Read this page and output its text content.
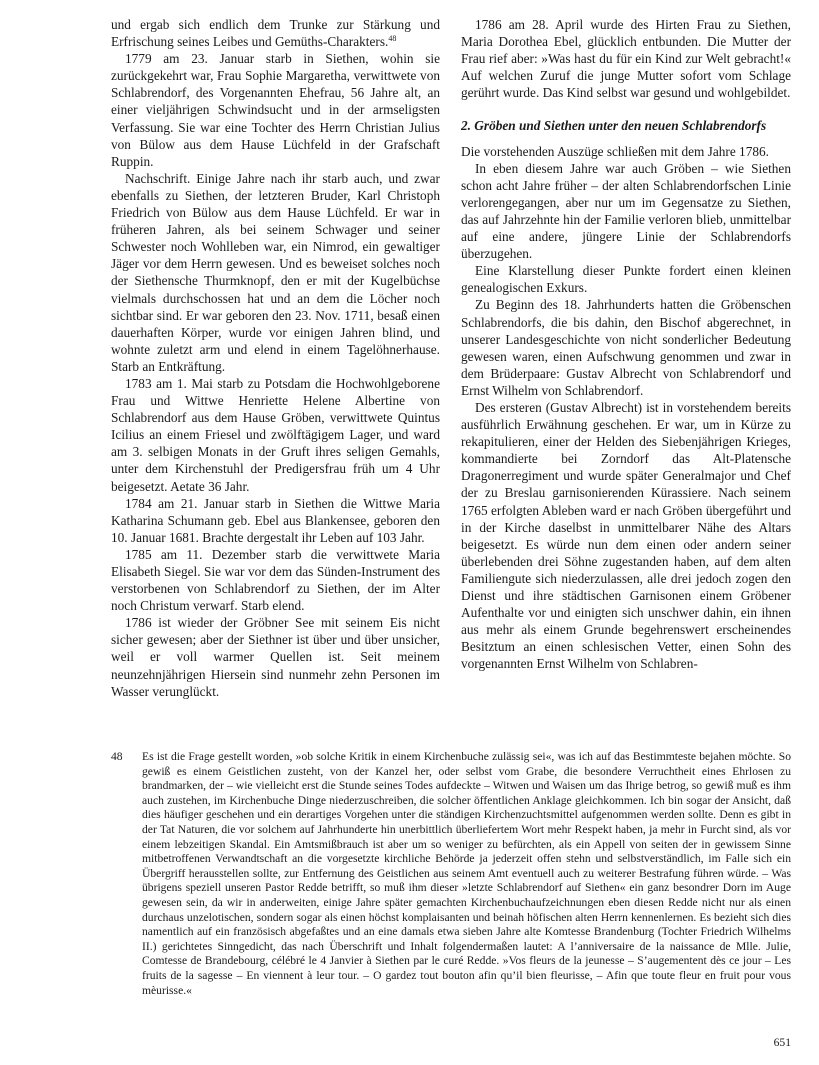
und ergab sich endlich dem Trunke zur Stärkung und Erfrischung seines Leibes und Gemüths-Charakters.$^{48}$

1779 am 23. Januar starb in Siethen, wohin sie zurückgekehrt war, Frau Sophie Margaretha, verwittwete von Schlabrendorf, des Vorgenannten Ehefrau, 56 Jahre alt, an einer vieljährigen Schwindsucht und in der armseligsten Verfassung. Sie war eine Tochter des Herrn Christian Julius von Bülow aus dem Hause Lüchfeld in der Grafschaft Ruppin.

Nachschrift. Einige Jahre nach ihr starb auch, und zwar ebenfalls zu Siethen, der letzteren Bruder, Karl Christoph Friedrich von Bülow aus dem Hause Lüchfeld. Er war in früheren Jahren, als bei seinem Schwager und seiner Schwester noch Wohlleben war, ein Nimrod, ein gewaltiger Jäger vor dem Herrn gewesen. Und es beweiset solches noch der Siethensche Thurmknopf, den er mit der Kugelbüchse vielmals durchschossen hat und an dem die Löcher noch sichtbar sind. Er war geboren den 23. Nov. 1711, besaß einen dauerhaften Körper, wurde vor einigen Jahren blind, und wohnte zuletzt arm und elend in einem Tagelöhnerhause. Starb an Entkräftung.

1783 am 1. Mai starb zu Potsdam die Hochwohlgeborene Frau und Wittwe Henriette Helene Albertine von Schlabrendorf aus dem Hause Gröben, verwittwete Quintus Icilius an einem Friesel und zwölftägigem Lager, und ward am 3. selbigen Monats in der Gruft ihres seligen Gemahls, unter dem Kirchenstuhl der Predigersfrau früh um 4 Uhr beigesetzt. Aetate 36 Jahr.

1784 am 21. Januar starb in Siethen die Wittwe Maria Katharina Schumann geb. Ebel aus Blankensee, geboren den 10. Januar 1681. Brachte dergestalt ihr Leben auf 103 Jahr.

1785 am 11. Dezember starb die verwittwete Maria Elisabeth Siegel. Sie war vor dem das Sünden-Instrument des verstorbenen von Schlabrendorf zu Siethen, der im Alter noch Christum verwarf. Starb elend.

1786 ist wieder der Gröbner See mit seinem Eis nicht sicher gewesen; aber der Siethner ist über und über unsicher, weil er voll warmer Quellen ist. Seit meinem neunzehnjährigen Hiersein sind nunmehr zehn Personen im Wasser verunglückt.

1786 am 28. April wurde des Hirten Frau zu Siethen, Maria Dorothea Ebel, glücklich entbunden. Die Mutter der Frau rief aber: »Was hast du für ein Kind zur Welt gebracht!« Auf welchen Zuruf die junge Mutter sofort vom Schlage gerührt wurde. Das Kind selbst war gesund und wohlgebildet.

2. Gröben und Siethen unter den neuen Schlabrendorfs

Die vorstehenden Auszüge schließen mit dem Jahre 1786.

In eben diesem Jahre war auch Gröben – wie Siethen schon acht Jahre früher – der alten Schlabrendorfschen Linie verlorengegangen, aber nur um im Gegensatze zu Siethen, das auf Jahrzehnte hin der Familie verloren blieb, unmittelbar auf eine andere, jüngere Linie der Schlabrendorfs überzugehen.

Eine Klarstellung dieser Punkte fordert einen kleinen genealogischen Exkurs.

Zu Beginn des 18. Jahrhunderts hatten die Gröbenschen Schlabrendorfs, die bis dahin, den Bischof abgerechnet, in unserer Landesgeschichte von nicht sonderlicher Bedeutung gewesen waren, einen Aufschwung genommen und zwar in dem Brüderpaare: Gustav Albrecht von Schlabrendorf und Ernst Wilhelm von Schlabrendorf.

Des ersteren (Gustav Albrecht) ist in vorstehendem bereits ausführlich Erwähnung geschehen. Er war, um in Kürze zu rekapitulieren, einer der Helden des Siebenjährigen Krieges, kommandierte bei Zorndorf das Alt-Platensche Dragonerregiment und wurde später Generalmajor und Chef der zu Breslau garnisonierenden Kürassiere. Nach seinem 1765 erfolgten Ableben ward er nach Gröben übergeführt und in der Kirche daselbst in unmittelbarer Nähe des Altars beigesetzt. Es würde nun dem einen oder andern seiner überlebenden drei Söhne zugestanden haben, auf dem alten Familiengute sich niederzulassen, alle drei jedoch zogen den Dienst und ihre städtischen Garnisonen einem Gröbener Aufenthalte vor und einigten sich unschwer dahin, ein ihnen aus mehr als einem Grunde begehrenswert erscheinendes Besitztum an einen schlesischen Vetter, einen Sohn des vorgenannten Ernst Wilhelm von Schlabren-

48	Es ist die Frage gestellt worden, »ob solche Kritik in einem Kirchenbuche zulässig sei«, was ich auf das Bestimmteste bejahen möchte. So gewiß es einem Geistlichen zusteht, von der Kanzel her, oder selbst vom Grabe, die besondere Verruchtheit eines Ehrlosen zu brandmarken, der – wie vielleicht erst die Stunde seines Todes aufdeckte – Witwen und Waisen um das Ihrige betrog, so gewiß muß es ihm auch zustehen, im Kirchenbuche Dinge niederzuschreiben, die solcher öffentlichen Anklage gleichkommen. Ich bin sogar der Ansicht, daß dies häufiger geschehen und ein derartiges Vorgehen unter die ständigen Kirchenzuchtsmittel aufgenommen werden sollte. Denn es gibt in der Tat Naturen, die vor solchem auf Jahrhunderte hin unerbittlich überliefertem Wort mehr Respekt haben, ja mehr in Furcht sind, als vor einem lebzeitigen Skandal. Ein Amtsmißbrauch ist aber um so weniger zu befürchten, als ein Appell von seiten der in gewissem Sinne mitbetroffenen Verwandtschaft an die vorgesetzte kirchliche Behörde ja jederzeit offen stehn und selbstverständlich, im Falle sich ein Übergriff herausstellen sollte, zur Entfernung des Geistlichen aus seinem Amt eventuell auch zu weiterer Bestrafung führen würde. – Was übrigens speziell unseren Pastor Redde betrifft, so muß ihm dieser »letzte Schlabrendorf auf Siethen« ein ganz besondrer Dorn im Auge gewesen sein, da wir in anderweiten, einige Jahre später gemachten Kirchenbuchaufzeichnungen eben diesen Redde nicht nur als einen durchaus unzelotischen, sondern sogar als einen höchst komplaisanten und beinah höfischen alten Herrn kennenlernen. Es bezieht sich dies namentlich auf ein französisch abgefaßtes und an eine damals etwa sieben Jahre alte Komtesse Brandenburg (Tochter Friedrich Wilhelms II.) gerichtetes Sinngedicht, das nach Überschrift und Inhalt folgendermaßen lautet: A l’anniversaire de la naissance de Mlle. Julie, Comtesse de Brandebourg, célébré le 4 Janvier à Siethen par le curé Redde. »Vos fleurs de la jeunesse – S’augementent dès ce jour – Les fruits de la sagesse – En viennent à leur tour. – O gardez tout bouton afin qu’il bien fleurisse, – Afin que toute fleur en fruit pour vous mèurisse.«
651
